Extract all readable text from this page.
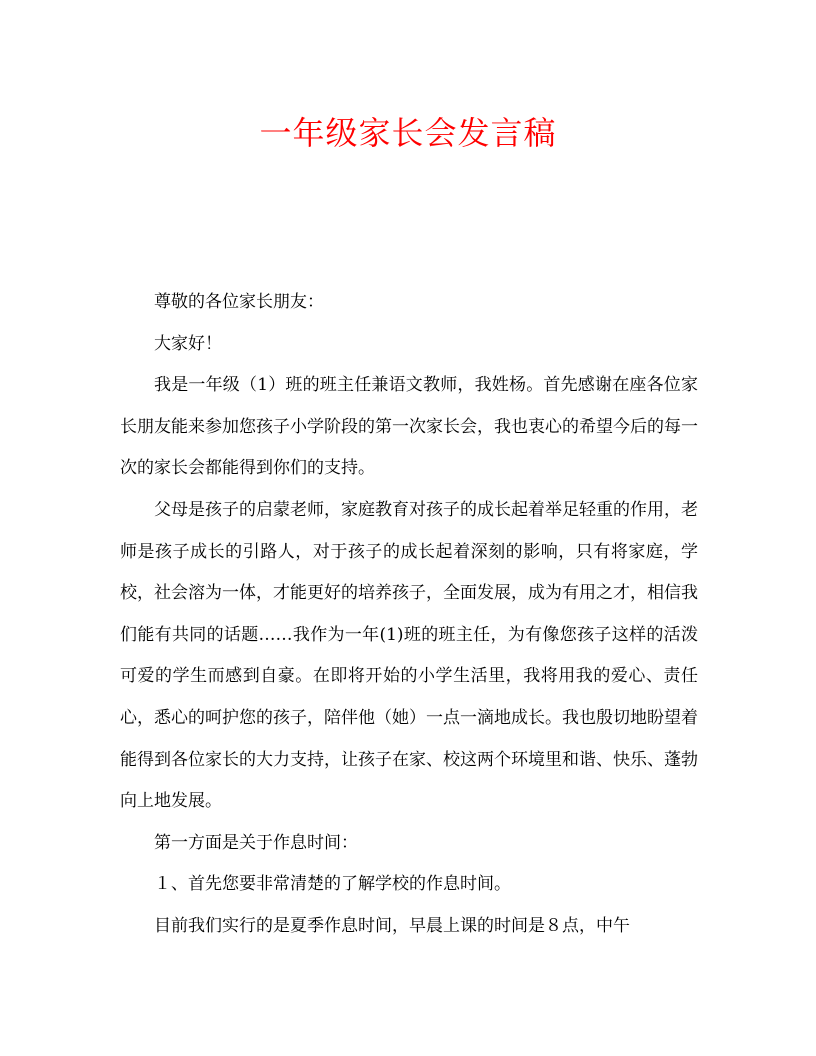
一年级家长会发言稿

尊敬的各位家长朋友：

大家好！

我是一年级（1）班的班主任兼语文教师，我姓杨。首先感谢在座各位家长朋友能来参加您孩子小学阶段的第一次家长会，我也衷心的希望今后的每一次的家长会都能得到你们的支持。

父母是孩子的启蒙老师，家庭教育对孩子的成长起着举足轻重的作用，老师是孩子成长的引路人，对于孩子的成长起着深刻的影响，只有将家庭，学校，社会溶为一体，才能更好的培养孩子，全面发展，成为有用之才，相信我们能有共同的话题……我作为一年(1)班的班主任，为有像您孩子这样的活泼可爱的学生而感到自豪。在即将开始的小学生活里，我将用我的爱心、责任心，悉心的呵护您的孩子，陪伴他（她）一点一滴地成长。我也殷切地盼望着能得到各位家长的大力支持，让孩子在家、校这两个环境里和谐、快乐、蓬勃向上地发展。

第一方面是关于作息时间：

１、首先您要非常清楚的了解学校的作息时间。

目前我们实行的是夏季作息时间，早晨上课的时间是８点，中午
